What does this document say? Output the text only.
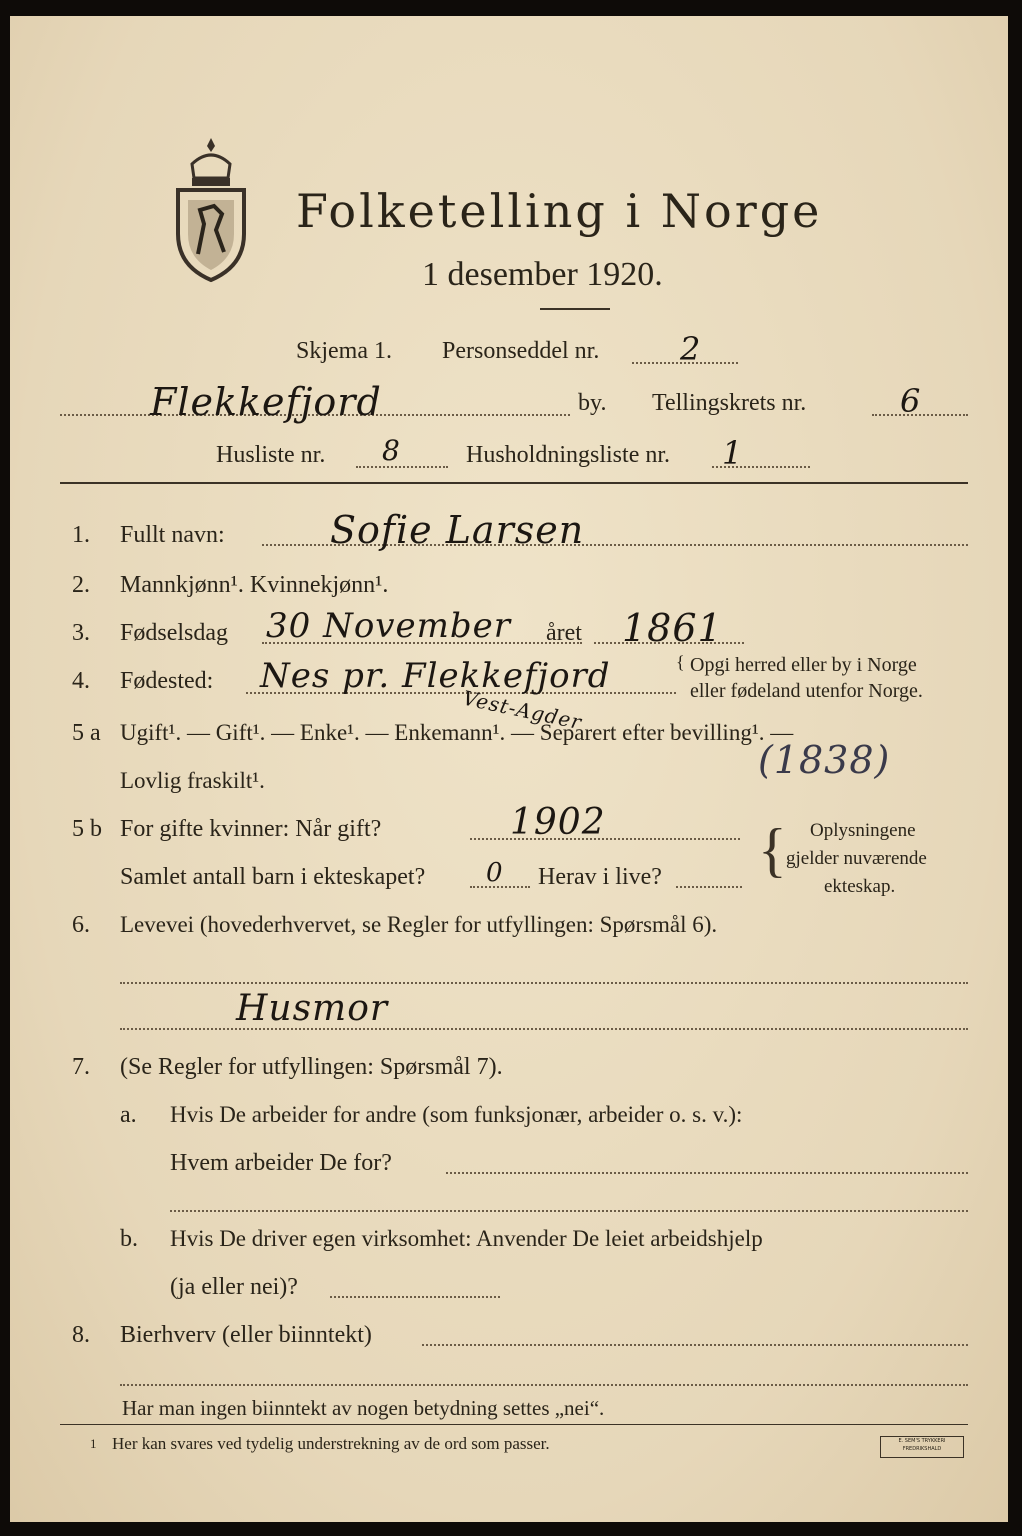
Folketelling i Norge
1 desember 1920.
Skjema 1. Personseddel nr.	2
Flekkefjord	by. Tellingskrets nr.	6
Husliste nr. 8	Husholdningsliste nr. 1
1. Fullt navn:	Sofie Larsen
2. Mannkjønn¹. Kvinnekjønn¹.
3. Fødselsdag 30 November året 1861
4. Fødested: Nes pr. Flekkefjord	{ Opgi herred eller by i Norge
eller fødeland utenfor Norge.
Vest-Agder
5 a Ugift¹. — Gift¹. — Enke¹. — Enkemann¹. — Separert efter bevilling¹. —
Lovlig fraskilt¹.	(1838)
5 b For gifte kvinner: Når gift?	1902
Samlet antall barn i ekteskapet? 0 Herav i live? { Oplysningene
gjelder nuværende
ekteskap.
6. Levevei (hovederhvervet, se Regler for utfyllingen: Spørsmål 6).
Husmor
7. (Se Regler for utfyllingen: Spørsmål 7).
a. Hvis De arbeider for andre (som funksjonær, arbeider o. s. v.):
Hvem arbeider De for?
b. Hvis De driver egen virksomhet: Anvender De leiet arbeidshjelp
(ja eller nei)?
8. Bierhverv (eller biinntekt)
Har man ingen biinntekt av nogen betydning settes „nei“.
1 Her kan svares ved tydelig understrekning av de ord som passer.	E. SEM'S TRYKKERI FREDRIKSHALD
